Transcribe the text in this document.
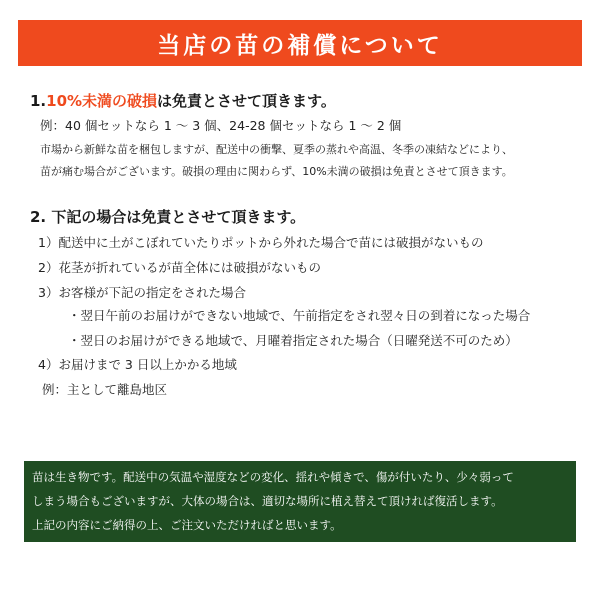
当店の苗の補償について
1.10%未満の破損は免責とさせて頂きます。
例：40 個セットなら 1 〜 3 個、24-28 個セットなら 1 〜 2 個
市場から新鮮な苗を梱包しますが、配送中の衝撃、夏季の蒸れや高温、冬季の凍結などにより、
苗が痛む場合がございます。破損の理由に関わらず、10%未満の破損は免責とさせて頂きます。
2. 下記の場合は免責とさせて頂きます。
1）配送中に土がこぼれていたりポットから外れた場合で苗には破損がないもの
2）花茎が折れているが苗全体には破損がないもの
3）お客様が下記の指定をされた場合
・翌日午前のお届けができない地域で、午前指定をされ翌々日の到着になった場合
・翌日のお届けができる地域で、月曜着指定された場合（日曜発送不可のため）
4）お届けまで 3 日以上かかる地域
例：主として離島地区
苗は生き物です。配送中の気温や湿度などの変化、揺れや傾きで、傷が付いたり、少々弱って
しまう場合もございますが、大体の場合は、適切な場所に植え替えて頂ければ復活します。
上記の内容にご納得の上、ご注文いただければと思います。
